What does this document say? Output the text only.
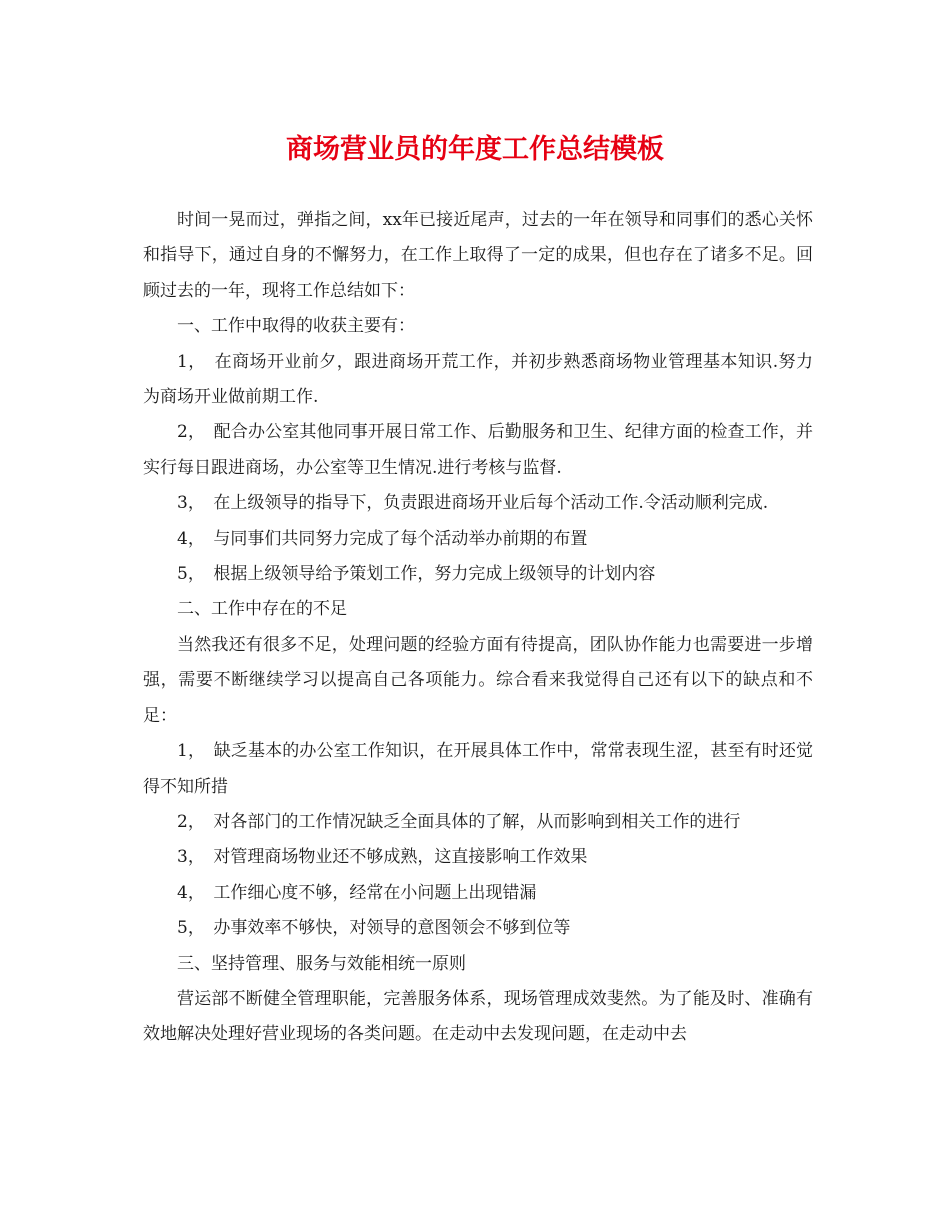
商场营业员的年度工作总结模板

时间一晃而过，弹指之间，xx年已接近尾声，过去的一年在领导和同事们的悉心关怀和指导下，通过自身的不懈努力，在工作上取得了一定的成果，但也存在了诸多不足。回顾过去的一年，现将工作总结如下：

一、工作中取得的收获主要有：

1，　在商场开业前夕，跟进商场开荒工作，并初步熟悉商场物业管理基本知识.努力为商场开业做前期工作.

2，　配合办公室其他同事开展日常工作、后勤服务和卫生、纪律方面的检查工作，并实行每日跟进商场，办公室等卫生情况.进行考核与监督.

3，　在上级领导的指导下，负责跟进商场开业后每个活动工作.令活动顺利完成.

4，　与同事们共同努力完成了每个活动举办前期的布置

5，　根据上级领导给予策划工作，努力完成上级领导的计划内容

二、工作中存在的不足

当然我还有很多不足，处理问题的经验方面有待提高，团队协作能力也需要进一步增强，需要不断继续学习以提高自己各项能力。综合看来我觉得自己还有以下的缺点和不足：

1，　缺乏基本的办公室工作知识，在开展具体工作中，常常表现生涩，甚至有时还觉得不知所措

2，　对各部门的工作情况缺乏全面具体的了解，从而影响到相关工作的进行

3，　对管理商场物业还不够成熟，这直接影响工作效果

4，　工作细心度不够，经常在小问题上出现错漏

5，　办事效率不够快，对领导的意图领会不够到位等

三、坚持管理、服务与效能相统一原则

营运部不断健全管理职能，完善服务体系，现场管理成效斐然。为了能及时、准确有效地解决处理好营业现场的各类问题。在走动中去发现问题，在走动中去
